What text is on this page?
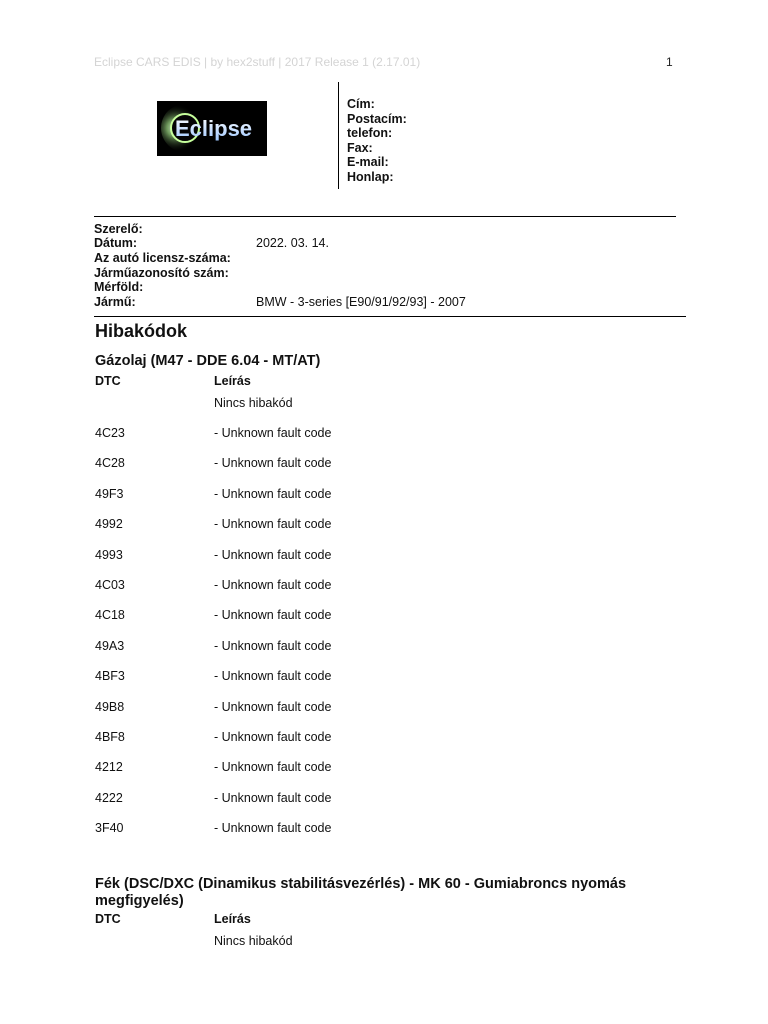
Eclipse CARS EDIS | by hex2stuff | 2017 Release 1 (2.17.01)	1
Eclipse
Cím:
Postacím:
telefon:
Fax:
E-mail:
Honlap:
Szerelő:
Dátum:	2022. 03. 14.
Az autó licensz-száma:
Járműazonosító szám:
Mérföld:
Jármű:	BMW - 3-series [E90/91/92/93] - 2007
Hibakódok
Gázolaj (M47 - DDE 6.04 - MT/AT)
DTC	Leírás
Nincs hibakód
4C23	- Unknown fault code
4C28	- Unknown fault code
49F3	- Unknown fault code
4992	- Unknown fault code
4993	- Unknown fault code
4C03	- Unknown fault code
4C18	- Unknown fault code
49A3	- Unknown fault code
4BF3	- Unknown fault code
49B8	- Unknown fault code
4BF8	- Unknown fault code
4212	- Unknown fault code
4222	- Unknown fault code
3F40	- Unknown fault code
Fék (DSC/DXC (Dinamikus stabilitásvezérlés) - MK 60 - Gumiabroncs nyomás megfigyelés)
DTC	Leírás
Nincs hibakód
